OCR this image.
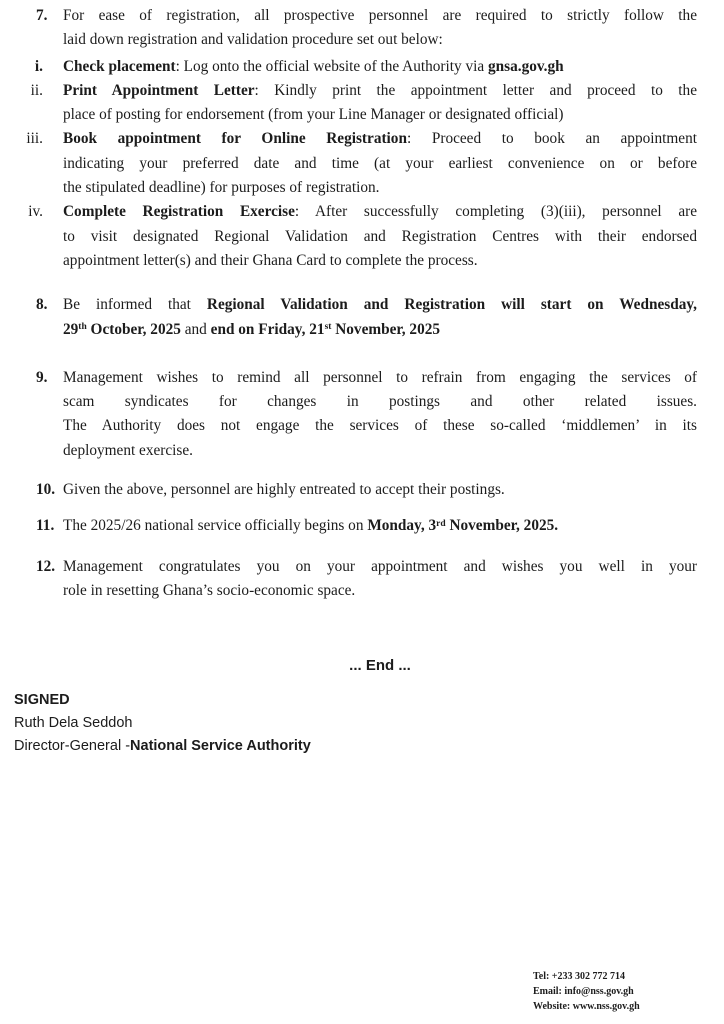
7.	For ease of registration, all prospective personnel are required to strictly follow the
laid down registration and validation procedure set out below:
i.	Check placement: Log onto the official website of the Authority via gnsa.gov.gh
ii.	Print Appointment Letter: Kindly print the appointment letter and proceed to the
place of posting for endorsement (from your Line Manager or designated official)
iii.	Book appointment for Online Registration: Proceed to book an appointment
indicating your preferred date and time (at your earliest convenience on or before
the stipulated deadline) for purposes of registration.
iv.	Complete Registration Exercise: After successfully completing (3)(iii), personnel are
to visit designated Regional Validation and Registration Centres with their endorsed
appointment letter(s) and their Ghana Card to complete the process.
8.	Be informed that Regional Validation and Registration will start on Wednesday,
29th October, 2025 and end on Friday, 21st November, 2025
9.	Management wishes to remind all personnel to refrain from engaging the services of
scam syndicates for changes in postings and other related issues.
The Authority does not engage the services of these so-called ‘middlemen’ in its
deployment exercise.
10. Given the above, personnel are highly entreated to accept their postings.
11. The 2025/26 national service officially begins on Monday, 3rd November, 2025.
12. Management congratulates you on your appointment and wishes you well in your
role in resetting Ghana’s socio-economic space.
... End ...
SIGNED
Ruth Dela Seddoh
Director-General -National Service Authority
Tel: +233 302 772 714
Email: info@nss.gov.gh
Website: www.nss.gov.gh
